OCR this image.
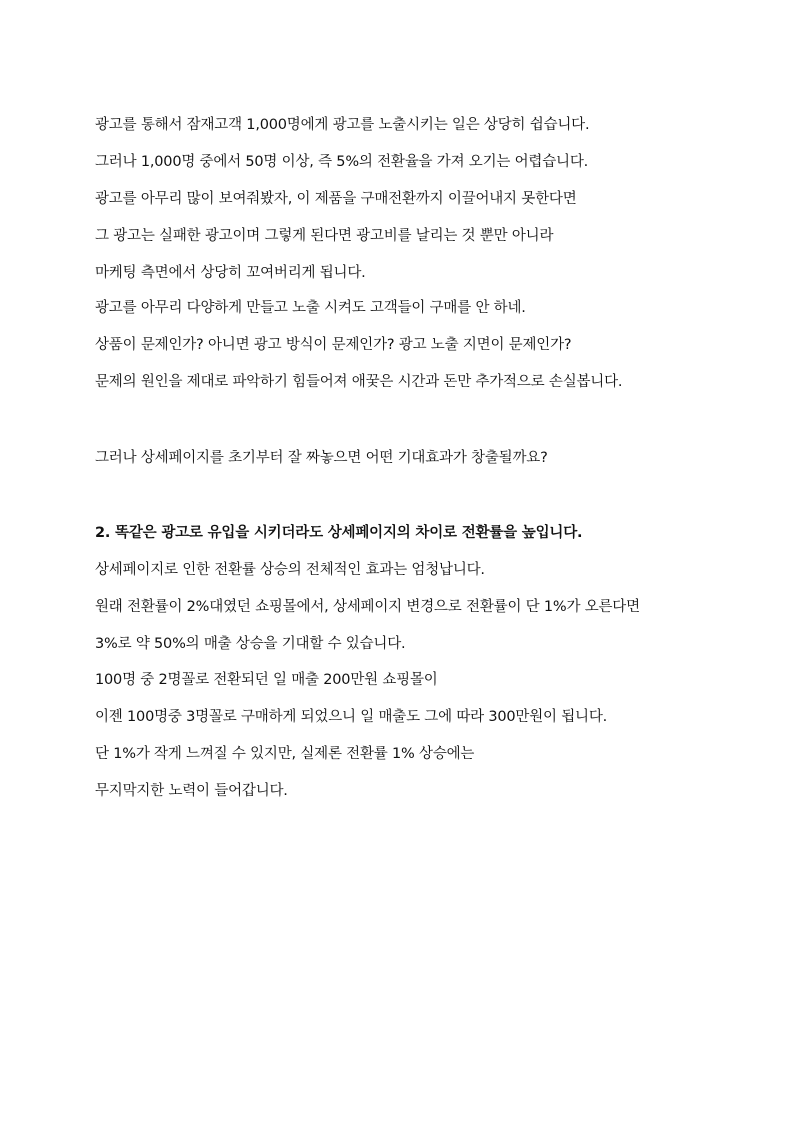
광고를 통해서 잠재고객 1,000명에게 광고를 노출시키는 일은 상당히 쉽습니다.
그러나 1,000명 중에서 50명 이상, 즉 5%의 전환율을 가져 오기는 어렵습니다.
광고를 아무리 많이 보여줘봤자, 이 제품을 구매전환까지 이끌어내지 못한다면
그 광고는 실패한 광고이며 그렇게 된다면 광고비를 날리는 것 뿐만 아니라
마케팅 측면에서 상당히 꼬여버리게 됩니다.
광고를 아무리 다양하게 만들고 노출 시켜도 고객들이 구매를 안 하네.
상품이 문제인가? 아니면 광고 방식이 문제인가? 광고 노출 지면이 문제인가?
문제의 원인을 제대로 파악하기 힘들어져 애꿎은 시간과 돈만 추가적으로 손실봅니다.
그러나 상세페이지를 초기부터 잘 짜놓으면 어떤 기대효과가 창출될까요?
2. 똑같은 광고로 유입을 시키더라도 상세페이지의 차이로 전환률을 높입니다.
상세페이지로 인한 전환률 상승의 전체적인 효과는 엄청납니다.
원래 전환률이 2%대였던 쇼핑몰에서, 상세페이지 변경으로 전환률이 단 1%가 오른다면
3%로 약 50%의 매출 상승을 기대할 수 있습니다.
100명 중 2명꼴로 전환되던 일 매출 200만원 쇼핑몰이
이젠 100명중 3명꼴로 구매하게 되었으니 일 매출도 그에 따라 300만원이 됩니다.
단 1%가 작게 느껴질 수 있지만, 실제론 전환률 1% 상승에는
무지막지한 노력이 들어갑니다.
